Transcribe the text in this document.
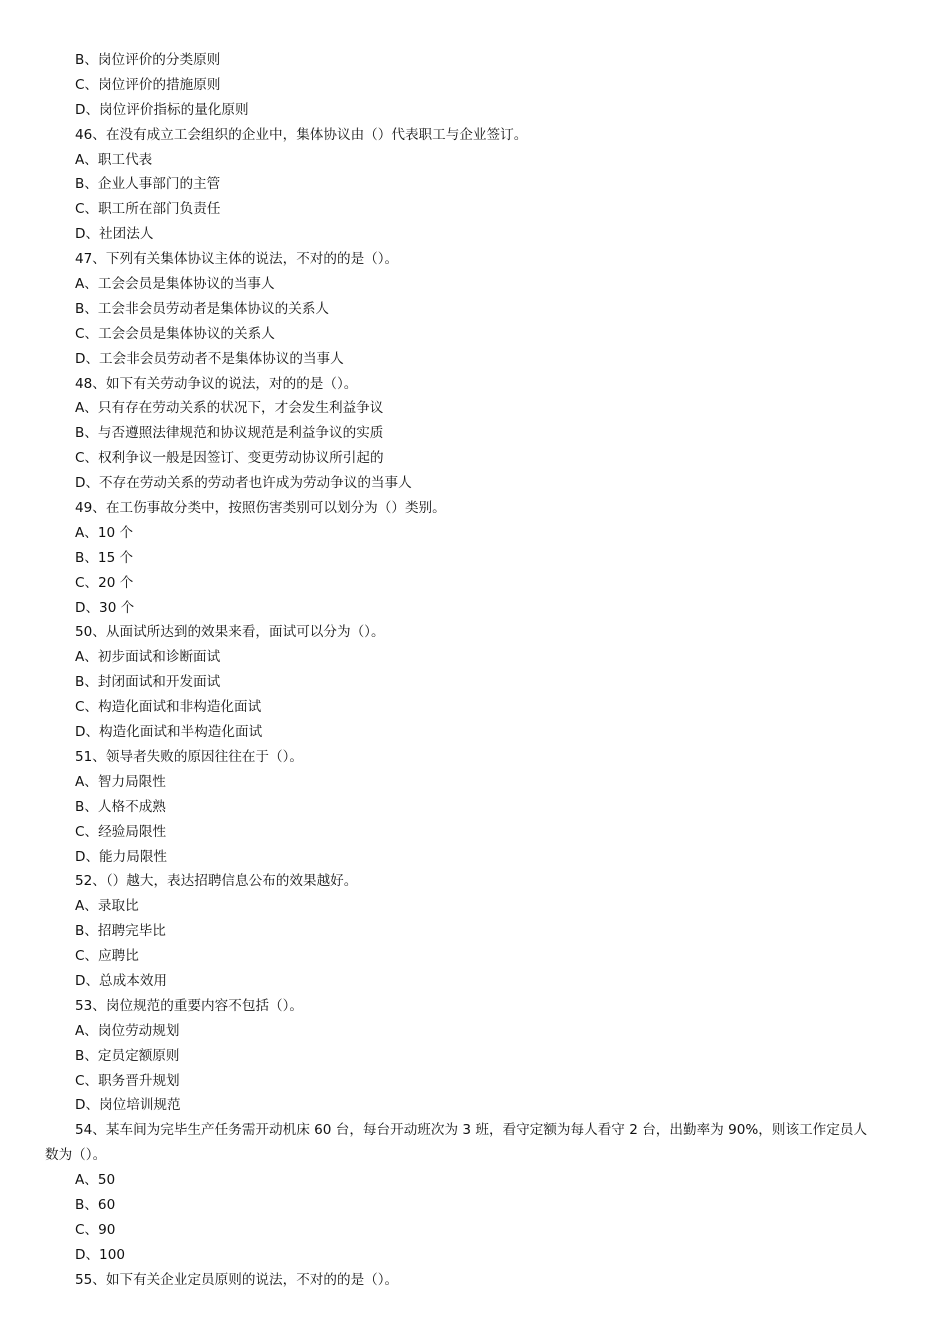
B、岗位评价的分类原则
C、岗位评价的措施原则
D、岗位评价指标的量化原则
46、在没有成立工会组织的企业中，集体协议由（）代表职工与企业签订。
A、职工代表
B、企业人事部门的主管
C、职工所在部门负责任
D、社团法人
47、下列有关集体协议主体的说法，不对的的是（）。
A、工会会员是集体协议的当事人
B、工会非会员劳动者是集体协议的关系人
C、工会会员是集体协议的关系人
D、工会非会员劳动者不是集体协议的当事人
48、如下有关劳动争议的说法，对的的是（）。
A、只有存在劳动关系的状况下，才会发生利益争议
B、与否遵照法律规范和协议规范是利益争议的实质
C、权利争议一般是因签订、变更劳动协议所引起的
D、不存在劳动关系的劳动者也许成为劳动争议的当事人
49、在工伤事故分类中，按照伤害类别可以划分为（）类别。
A、10 个
B、15 个
C、20 个
D、30 个
50、从面试所达到的效果来看，面试可以分为（）。
A、初步面试和诊断面试
B、封闭面试和开发面试
C、构造化面试和非构造化面试
D、构造化面试和半构造化面试
51、领导者失败的原因往往在于（）。
A、智力局限性
B、人格不成熟
C、经验局限性
D、能力局限性
52、（）越大，表达招聘信息公布的效果越好。
A、录取比
B、招聘完毕比
C、应聘比
D、总成本效用
53、岗位规范的重要内容不包括（）。
A、岗位劳动规划
B、定员定额原则
C、职务晋升规划
D、岗位培训规范
54、某车间为完毕生产任务需开动机床 60 台，每台开动班次为 3 班，看守定额为每人看守 2 台，出勤率为 90%，则该工作定员人
数为（）。
A、50
B、60
C、90
D、100
55、如下有关企业定员原则的说法，不对的的是（）。
